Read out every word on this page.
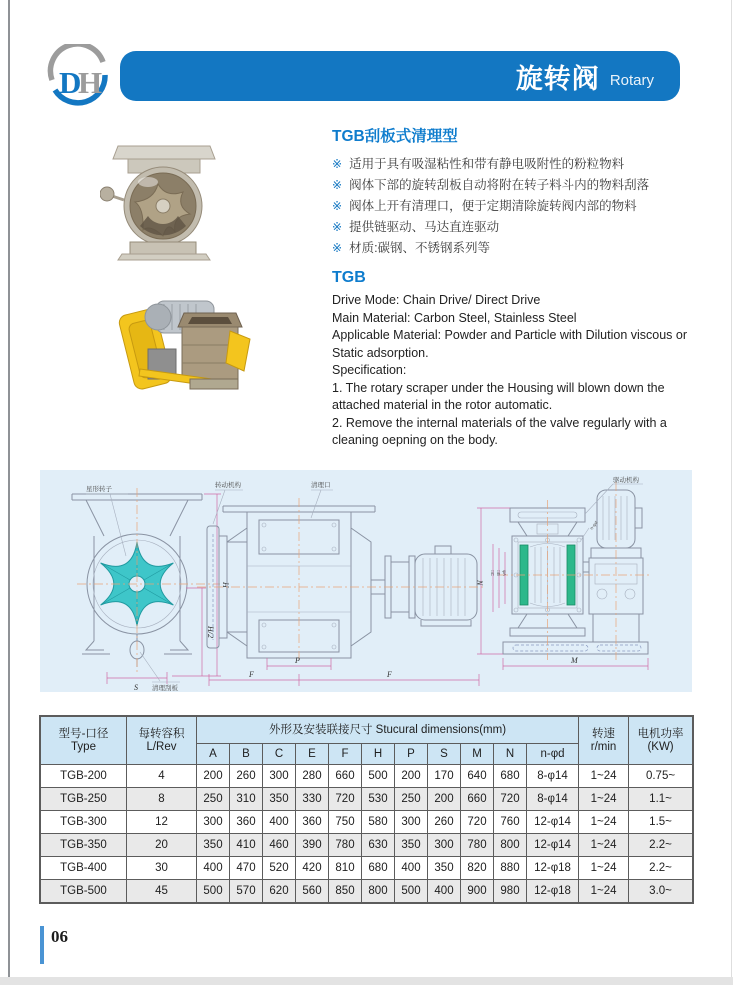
D
H	旋转阀 Rotary
TGB刮板式清理型
※ 适用于具有吸湿粘性和带有静电吸附性的粉粒物料
※ 阀体下部的旋转刮板自动将附在转子料斗内的物料刮落
※ 阀体上开有清理口，便于定期清除旋转阀内部的物料
※ 提供链驱动、马达直连驱动
※ 材质:碳钢、不锈钢系列等
TGB

Drive Mode: Chain Drive/ Direct Drive

Main Material: Carbon Steel, Stainless Steel

Applicable Material: Powder and Particle with Dilution viscous or Static adsorption.

Specification:

1. The rotary scraper under the Housing will blown down the attached material in the rotor automatic.

2. Remove the internal materials of the valve regularly with a cleaning oepning on the body.

H
H/2
S
星形转子
清理刮板
P
F	F
转动机构	清理口
□C □B φA
N
M
n-φd
驱动机构
型号-口径
Type

每转容积
L/Rev
	外形及安装联接尺寸 Stucural dimensions(mm)	转速
r/min

电机功率
(KW)

		A	B	C	E	F	H	P	S	M	N	n-φd		
TGB-200	4	200	260	300	280	660	500	200	170	640	680	8-φ14	1~24	0.75~
TGB-250	8	250	310	350	330	720	530	250	200	660	720	8-φ14	1~24	1.1~
TGB-300	12	300	360	400	360	750	580	300	260	720	760	12-φ14	1~24	1.5~
TGB-350	20	350	410	460	390	780	630	350	300	780	800	12-φ14	1~24	2.2~
TGB-400	30	400	470	520	420	810	680	400	350	820	880	12-φ18	1~24	2.2~
TGB-500	45	500	570	620	560	850	800	500	400	900	980	12-φ18	1~24	3.0~
06
